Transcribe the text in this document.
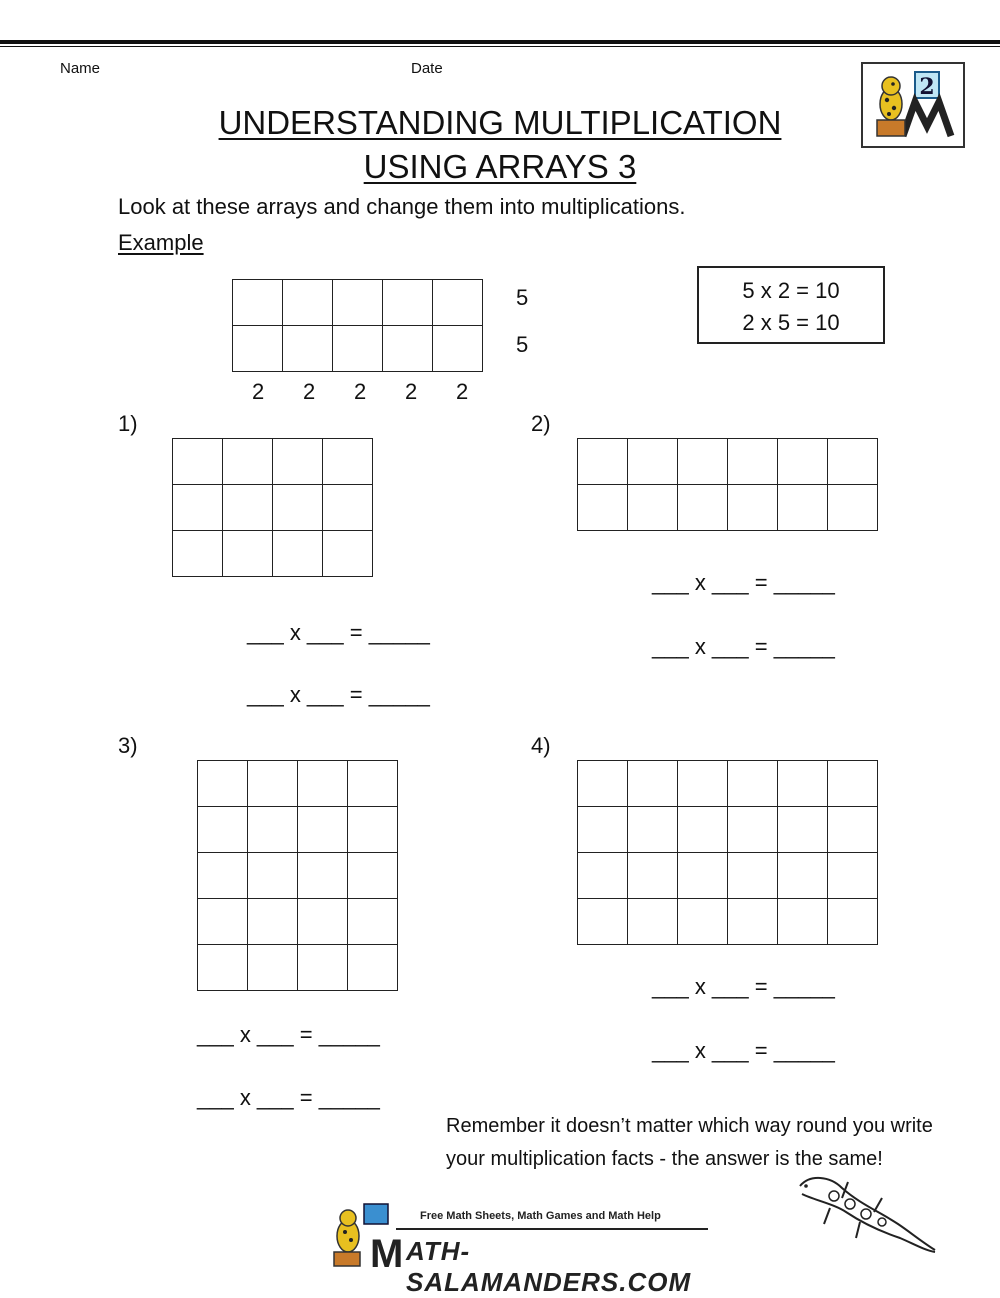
Name	Date
2
UNDERSTANDING MULTIPLICATION
USING ARRAYS 3
Look at these arrays and change them into multiplications.
Example

5
5
2 2 2 2 2
5 x 2 = 10
2 x 5 = 10
1)

___ x ___ = _____
___ x ___ = _____
2)

___ x ___ = _____
___ x ___ = _____
3)

___ x ___ = _____
___ x ___ = _____
4)

___ x ___ = _____
___ x ___ = _____
Remember it doesn’t matter which way round you write
your multiplication facts - the answer is the same!
Free Math Sheets, Math Games and Math Help
M ATH-SALAMANDERS.COM
